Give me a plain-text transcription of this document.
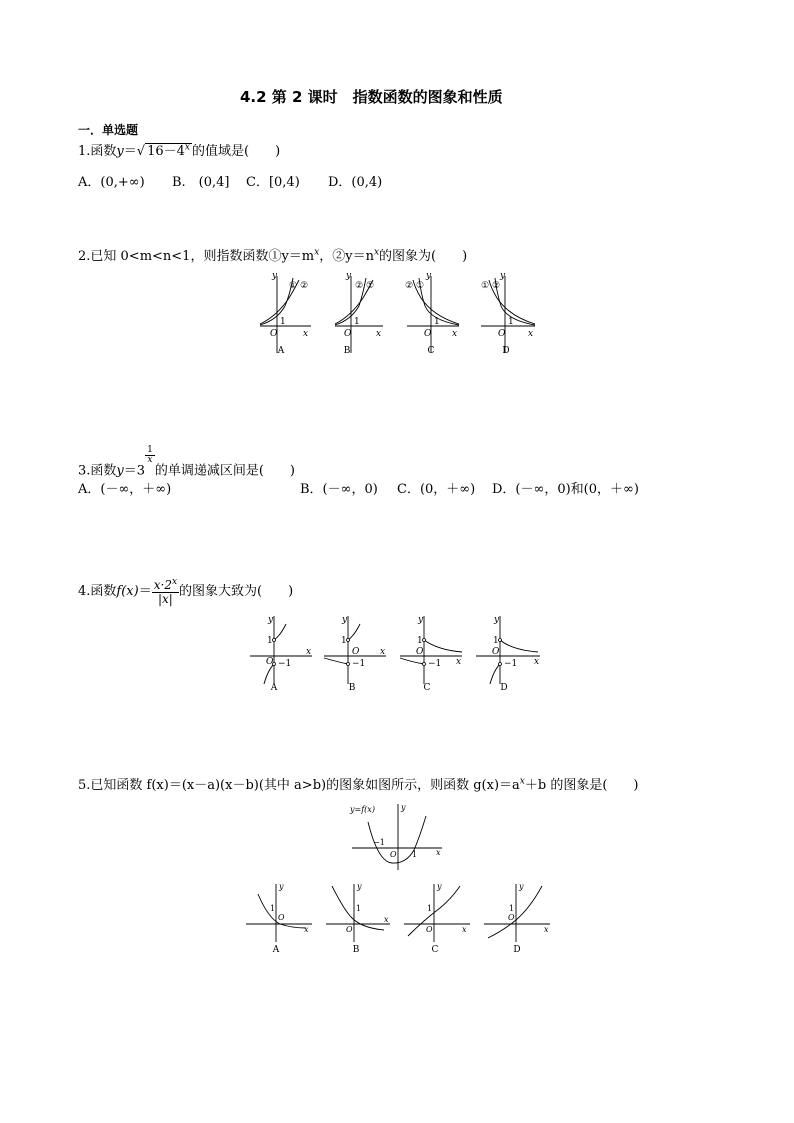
4.2 第 2 课时　指数函数的图象和性质
一．单选题
1.函数y＝√ $16-4^x$ 的值域是(　　)
A．(0,+∞) B.　(0,4] C．[0,4) D．(0,4)
2.已知 0<m<n<1，则指数函数$①y=m^x$，$②y=n^x$的图象为(　　)
y
1
O	x
① ②
y
1
O	x
② ①
y
1
O x
② ①
y
1
O	x
① ②
A	B	C	D
3.函数y＝3
$\frac{1}{x}$
的单调递减区间是(　　)
A．(－∞，＋∞)	B．(－∞，0) C．(0，＋∞) D．(－∞，0)和(0，＋∞)
4.函数$f(x)= \frac{x\cdot 2^x}{|x|}$ 的图象大致为(　　)
y
1
O −1
x
y
1
O
−1
x
y
1
O
−1 x
y
1
O
−1 x
A	B	C	D
5.已知函数 f(x)＝(x－a)(x－b)(其中 a>b)的图象如图所示，则函数 $g(x)=a^x+b$ 的图象是(　　)
y=f(x)	y
−1
O 1 x
y
1
O
x
y
1
O
x
y
1
O	x
y
1
O
x
A	B	C	D
